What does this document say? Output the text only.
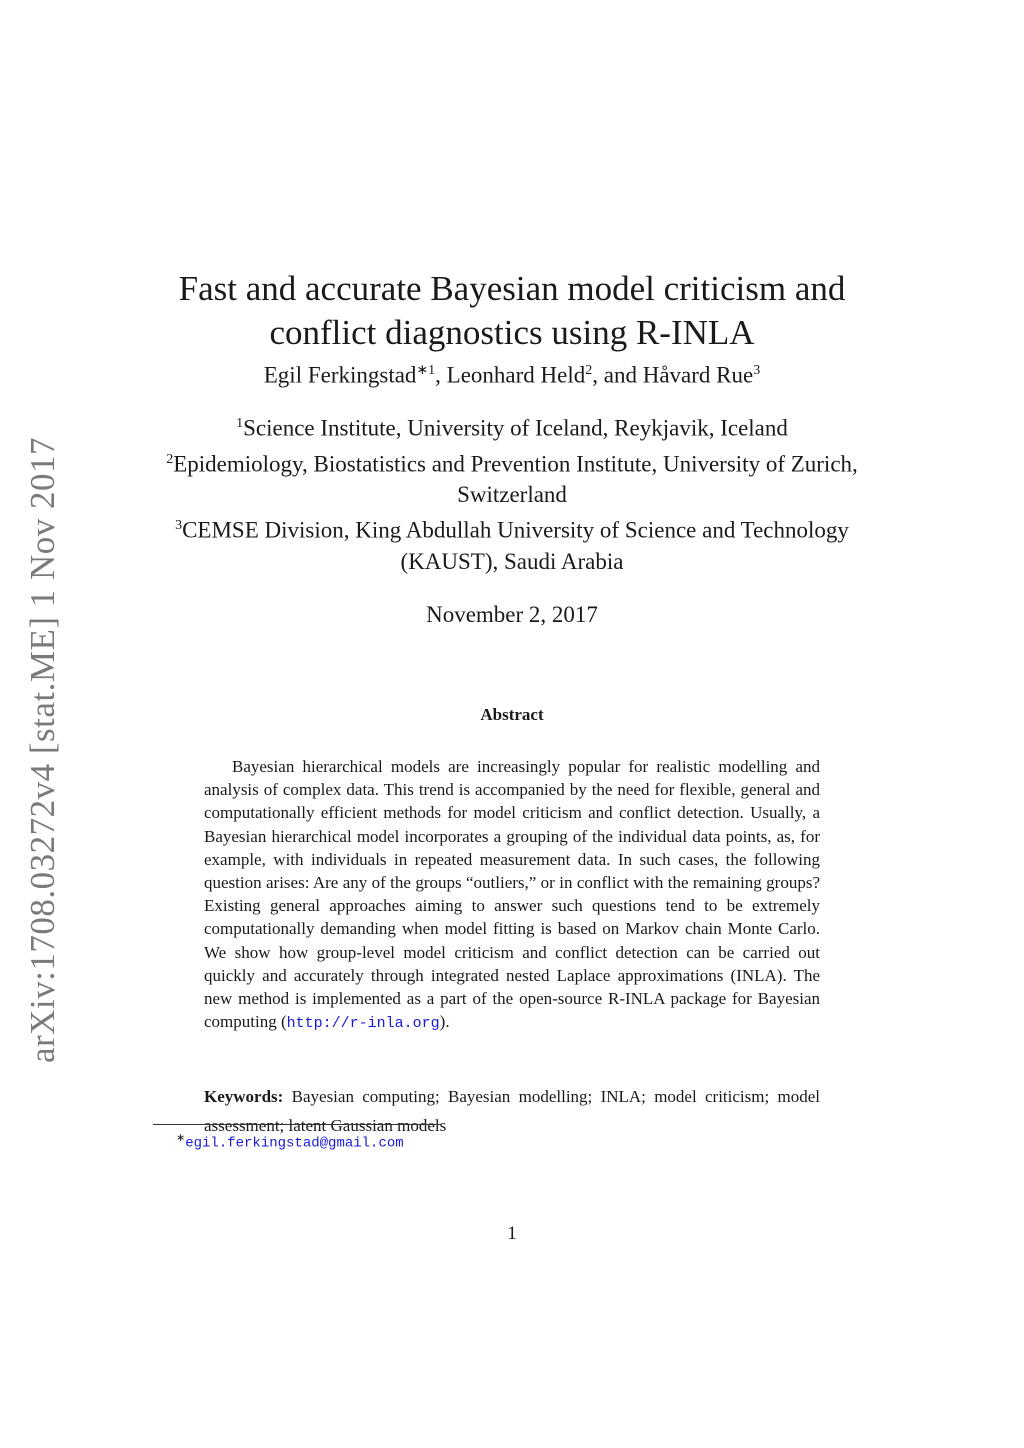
arXiv:1708.03272v4 [stat.ME] 1 Nov 2017
Fast and accurate Bayesian model criticism and
conflict diagnostics using R-INLA
Egil Ferkingstad$^{∗1}$, Leonhard Held$^2$, and Håvard Rue$^3$
$^1$Science Institute, University of Iceland, Reykjavik, Iceland
$^2$Epidemiology, Biostatistics and Prevention Institute, University of Zurich, Switzerland
$^3$CEMSE Division, King Abdullah University of Science and Technology (KAUST), Saudi Arabia
November 2, 2017
Abstract

Bayesian hierarchical models are increasingly popular for realistic modelling and analysis of complex data. This trend is accompanied by the need for flexible, general and computationally efficient methods for model criticism and conflict detection. Usually, a Bayesian hierarchical model incorporates a grouping of the individual data points, as, for example, with individuals in repeated measurement data. In such cases, the following question arises: Are any of the groups “outliers,” or in conflict with the remaining groups? Existing general approaches aiming to answer such questions tend to be extremely computationally demanding when model fitting is based on Markov chain Monte Carlo. We show how group-level model criticism and conflict detection can be carried out quickly and accurately through integrated nested Laplace approximations (INLA). The new method is implemented as a part of the open-source R-INLA package for Bayesian computing (http://r-inla.org).

Keywords: Bayesian computing; Bayesian modelling; INLA; model criticism; model assessment; latent Gaussian models

∗egil.ferkingstad@gmail.com
1
